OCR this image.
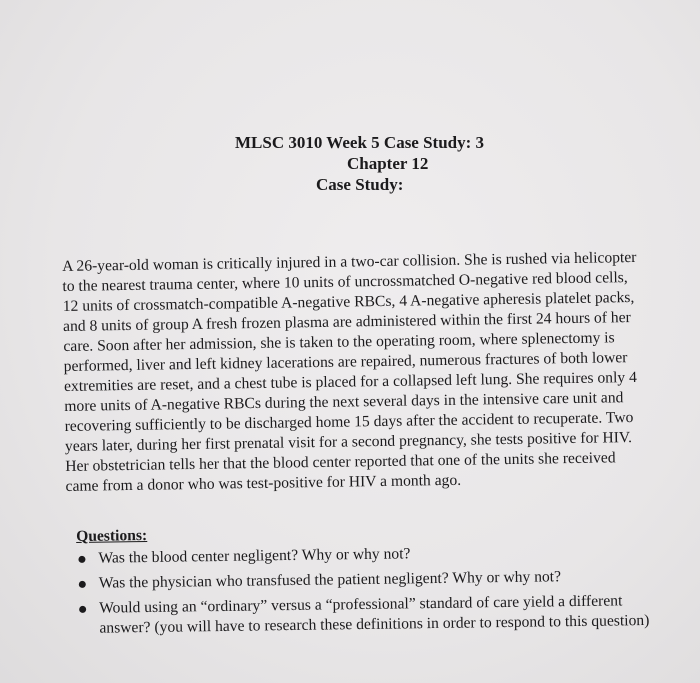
MLSC 3010 Week 5 Case Study: 3
Chapter 12
Case Study:
A 26-year-old woman is critically injured in a two-car collision. She is rushed via helicopter
to the nearest trauma center, where 10 units of uncrossmatched O-negative red blood cells,
12 units of crossmatch-compatible A-negative RBCs, 4 A-negative apheresis platelet packs,
and 8 units of group A fresh frozen plasma are administered within the first 24 hours of her
care. Soon after her admission, she is taken to the operating room, where splenectomy is
performed, liver and left kidney lacerations are repaired, numerous fractures of both lower
extremities are reset, and a chest tube is placed for a collapsed left lung. She requires only 4
more units of A-negative RBCs during the next several days in the intensive care unit and
recovering sufficiently to be discharged home 15 days after the accident to recuperate. Two
years later, during her first prenatal visit for a second pregnancy, she tests positive for HIV.
Her obstetrician tells her that the blood center reported that one of the units she received
came from a donor who was test-positive for HIV a month ago.
Questions:
Was the blood center negligent? Why or why not?
Was the physician who transfused the patient negligent? Why or why not?
Would using an “ordinary” versus a “professional” standard of care yield a different
answer? (you will have to research these definitions in order to respond to this question)
